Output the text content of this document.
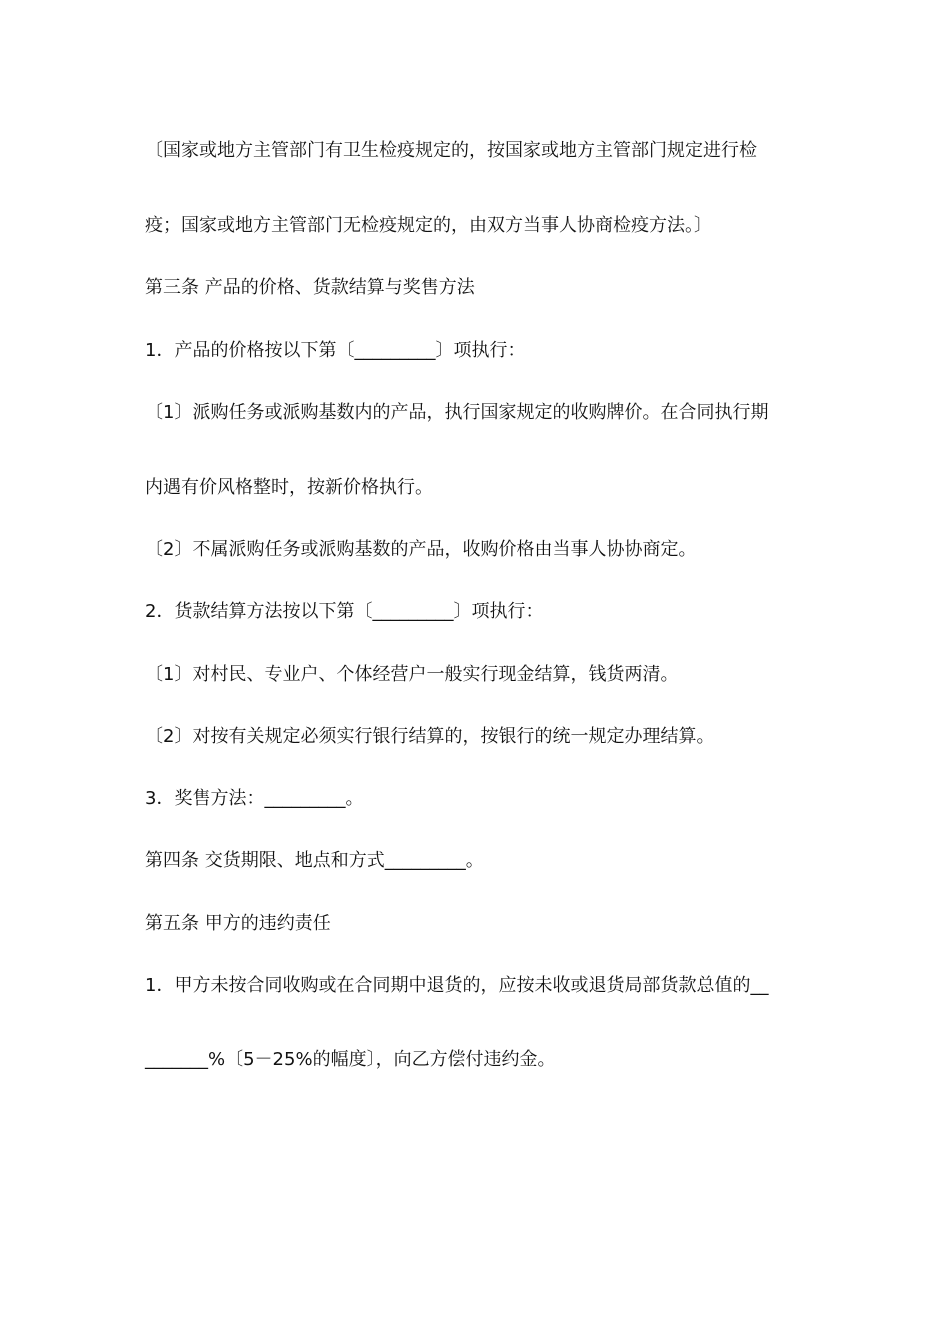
〔国家或地方主管部门有卫生检疫规定的，按国家或地方主管部门规定进行检
疫；国家或地方主管部门无检疫规定的，由双方当事人协商检疫方法。〕
第三条 产品的价格、货款结算与奖售方法
1．产品的价格按以下第〔_________〕项执行：
〔1〕派购任务或派购基数内的产品，执行国家规定的收购牌价。在合同执行期
内遇有价风格整时，按新价格执行。
〔2〕不属派购任务或派购基数的产品，收购价格由当事人协协商定。
2．货款结算方法按以下第〔_________〕项执行：
〔1〕对村民、专业户、个体经营户一般实行现金结算，钱货两清。
〔2〕对按有关规定必须实行银行结算的，按银行的统一规定办理结算。
3．奖售方法：_________。
第四条 交货期限、地点和方式_________。
第五条 甲方的违约责任
1．甲方未按合同收购或在合同期中退货的，应按未收或退货局部货款总值的__
_______%〔5－25%的幅度〕，向乙方偿付违约金。
